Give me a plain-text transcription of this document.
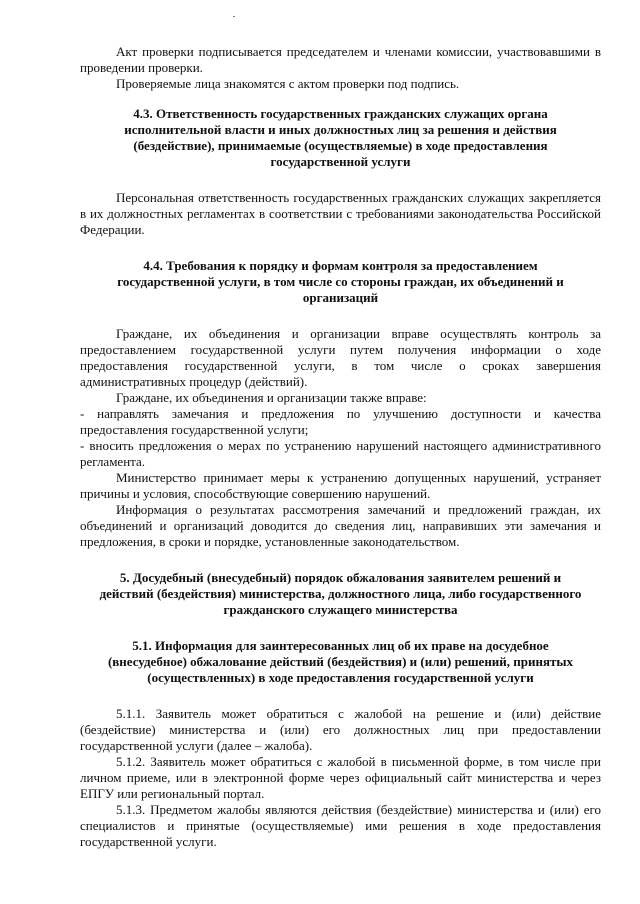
Акт проверки подписывается председателем и членами комиссии, участвовавшими в проведении проверки.

Проверяемые лица знакомятся с актом проверки под подпись.

4.3. Ответственность государственных гражданских служащих органа исполнительной власти и иных должностных лиц за решения и действия (бездействие), принимаемые (осуществляемые) в ходе предоставления государственной услуги

Персональная ответственность государственных гражданских служащих закрепляется в их должностных регламентах в соответствии с требованиями законодательства Российской Федерации.

4.4. Требования к порядку и формам контроля за предоставлением государственной услуги, в том числе со стороны граждан, их объединений и организаций

Граждане, их объединения и организации вправе осуществлять контроль за предоставлением государственной услуги путем получения информации о ходе предоставления государственной услуги, в том числе о сроках завершения административных процедур (действий).

Граждане, их объединения и организации также вправе:

- направлять замечания и предложения по улучшению доступности и качества предоставления государственной услуги;

- вносить предложения о мерах по устранению нарушений настоящего административного регламента.

Министерство принимает меры к устранению допущенных нарушений, устраняет причины и условия, способствующие совершению нарушений.

Информация о результатах рассмотрения замечаний и предложений граждан, их объединений и организаций доводится до сведения лиц, направивших эти замечания и предложения, в сроки и порядке, установленные законодательством.

5. Досудебный (внесудебный) порядок обжалования заявителем решений и действий (бездействия) министерства, должностного лица, либо государственного гражданского служащего министерства

5.1. Информация для заинтересованных лиц об их праве на досудебное (внесудебное) обжалование действий (бездействия) и (или) решений, принятых (осуществленных) в ходе предоставления государственной услуги

5.1.1. Заявитель может обратиться с жалобой на решение и (или) действие (бездействие) министерства и (или) его должностных лиц при предоставлении государственной услуги (далее – жалоба).

5.1.2. Заявитель может обратиться с жалобой в письменной форме, в том числе при личном приеме, или в электронной форме через официальный сайт министерства и через ЕПГУ или региональный портал.

5.1.3. Предметом жалобы являются действия (бездействие) министерства и (или) его специалистов и принятые (осуществляемые) ими решения в ходе предоставления государственной услуги.
